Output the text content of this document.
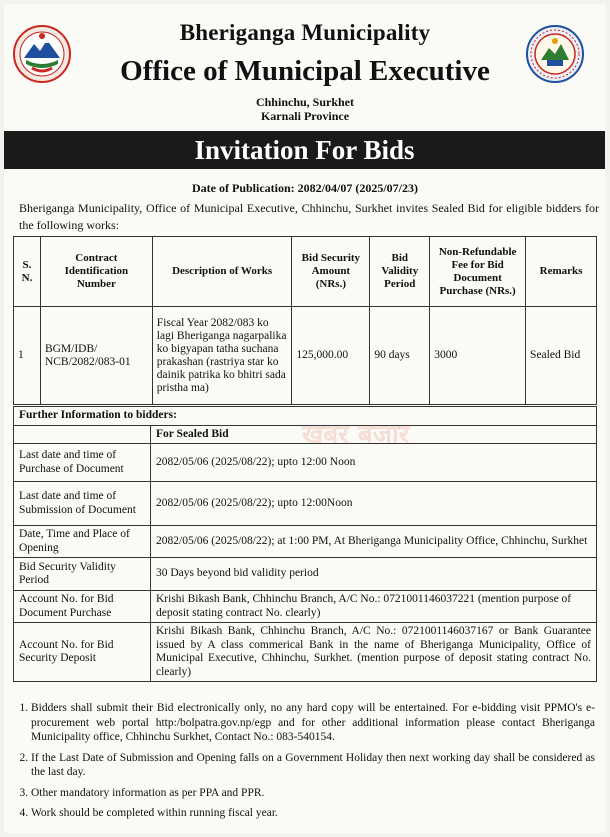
Bheriganga Municipality
Office of Municipal Executive
Chhinchu, Surkhet
Karnali Province
Invitation For Bids
Date of Publication: 2082/04/07 (2025/07/23)
Bheriganga Municipality, Office of Municipal Executive, Chhinchu, Surkhet invites Sealed Bid for eligible bidders for the following works:
S. N.	Contract Identification Number	Description of Works	Bid Security Amount (NRs.)	Bid Validity Period	Non-Refundable Fee for Bid Document Purchase (NRs.)	Remarks
1	BGM/IDB/ NCB/2082/083-01	Fiscal Year 2082/083 ko lagi Bheriganga nagarpalika ko bigyapan tatha suchana prakashan (rastriya star ko dainik patrika ko bhitri sada pristha ma)	125,000.00	90 days	3000	Sealed Bid
खबर बजार
Further Information to bidders:	
	For Sealed Bid
Last date and time of Purchase of Document	2082/05/06 (2025/08/22); upto 12:00 Noon
Last date and time of Submission of Document	2082/05/06 (2025/08/22); upto 12:00Noon
Date, Time and Place of Opening	2082/05/06 (2025/08/22); at 1:00 PM, At Bheriganga Municipality Office, Chhinchu, Surkhet
Bid Security Validity Period	30 Days beyond bid validity period
Account No. for Bid Document Purchase	Krishi Bikash Bank, Chhinchu Branch, A/C No.: 0721001146037221 (mention purpose of deposit stating contract No. clearly)
Account No. for Bid Security Deposit	Krishi Bikash Bank, Chhinchu Branch, A/C No.: 0721001146037167 or Bank Guarantee issued by A class commerical Bank in the name of Bheriganga Municipality, Office of Municipal Executive, Chhinchu, Surkhet. (mention purpose of deposit stating contract No. clearly)
1. Bidders shall submit their Bid electronically only, no any hard copy will be entertained. For e-bidding visit PPMO's e-procurement web portal http:/bolpatra.gov.np/egp and for other additional information please contact Bheriganga Municipality office, Chhinchu Surkhet, Contact No.: 083-540154.
2. If the Last Date of Submission and Opening falls on a Government Holiday then next working day shall be considered as the last day.
3. Other mandatory information as per PPA and PPR.
4. Work should be completed within running fiscal year.
